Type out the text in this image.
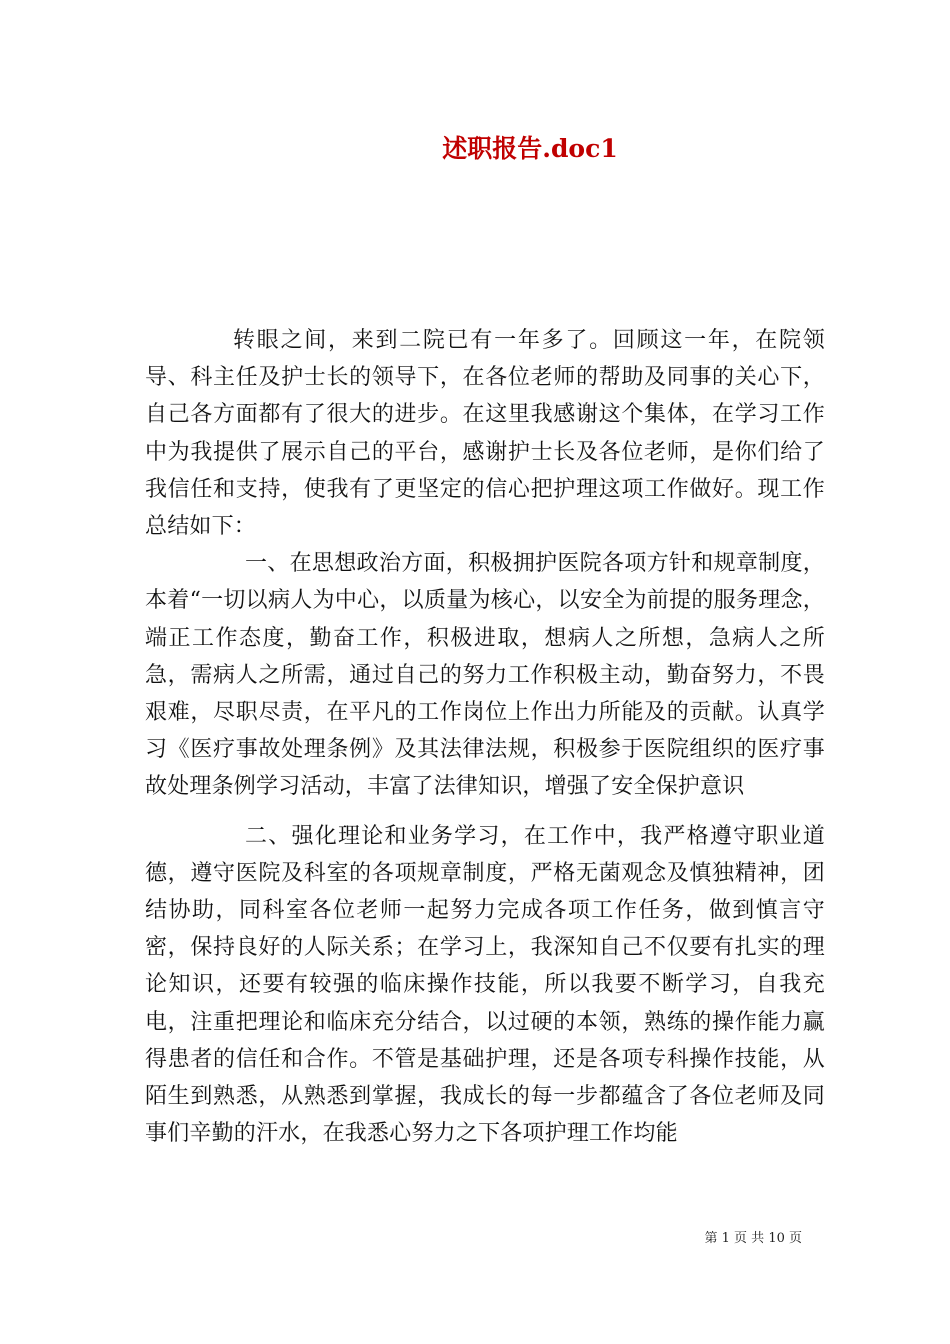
述职报告.doc1

转眼之间，来到二院已有一年多了。回顾这一年，在院领导、科主任及护士长的领导下，在各位老师的帮助及同事的关心下，自己各方面都有了很大的进步。在这里我感谢这个集体，在学习工作中为我提供了展示自己的平台，感谢护士长及各位老师，是你们给了我信任和支持，使我有了更坚定的信心把护理这项工作做好。现工作总结如下：

一、在思想政治方面，积极拥护医院各项方针和规章制度，本着“一切以病人为中心，以质量为核心，以安全为前提的服务理念，端正工作态度，勤奋工作，积极进取，想病人之所想，急病人之所急，需病人之所需，通过自己的努力工作积极主动，勤奋努力，不畏艰难，尽职尽责，在平凡的工作岗位上作出力所能及的贡献。认真学习《医疗事故处理条例》及其法律法规，积极参于医院组织的医疗事故处理条例学习活动，丰富了法律知识，增强了安全保护意识

二、强化理论和业务学习，在工作中，我严格遵守职业道德，遵守医院及科室的各项规章制度，严格无菌观念及慎独精神，团结协助，同科室各位老师一起努力完成各项工作任务，做到慎言守密，保持良好的人际关系；在学习上，我深知自己不仅要有扎实的理论知识，还要有较强的临床操作技能，所以我要不断学习，自我充电，注重把理论和临床充分结合，以过硬的本领，熟练的操作能力赢得患者的信任和合作。不管是基础护理，还是各项专科操作技能，从陌生到熟悉，从熟悉到掌握，我成长的每一步都蕴含了各位老师及同事们辛勤的汗水，在我悉心努力之下各项护理工作均能

第 1 页 共 10 页
